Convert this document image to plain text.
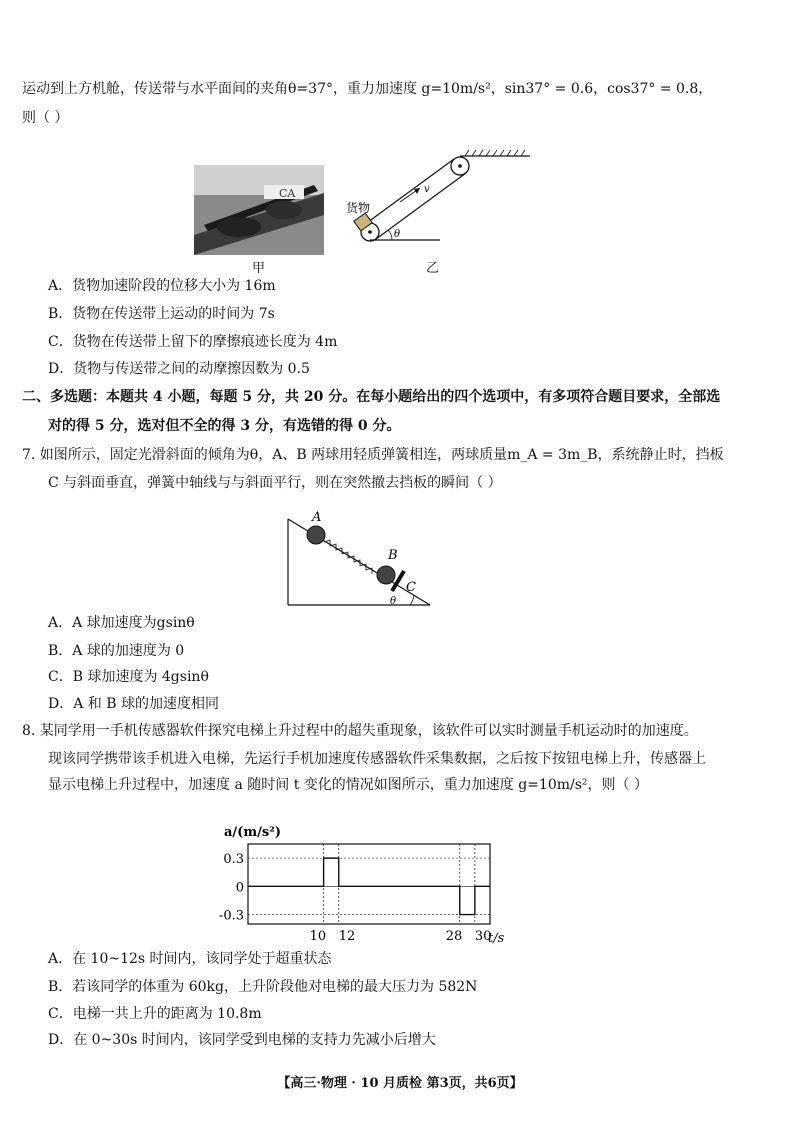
运动到上方机舱，传送带与水平面间的夹角θ=37°，重力加速度 g=10m/s²，sin37° = 0.6，cos37° = 0.8，
则（ ）
CA
甲
v
θ
货物
乙
A．货物加速阶段的位移大小为 16m
B．货物在传送带上运动的时间为 7s
C．货物在传送带上留下的摩擦痕迹长度为 4m
D．货物与传送带之间的动摩擦因数为 0.5
二、多选题：本题共 4 小题，每题 5 分，共 20 分。在每小题给出的四个选项中，有多项符合题目要求，全部选
对的得 5 分，选对但不全的得 3 分，有选错的得 0 分。
7. 如图所示，固定光滑斜面的倾角为θ，A、B 两球用轻质弹簧相连，两球质量m_A = 3m_B，系统静止时，挡板
C 与斜面垂直，弹簧中轴线与与斜面平行，则在突然撤去挡板的瞬间（ ）
A
B
C
θ
A．A 球加速度为gsinθ
B．A 球的加速度为 0
C．B 球加速度为 4gsinθ
D．A 和 B 球的加速度相同
8. 某同学用一手机传感器软件探究电梯上升过程中的超失重现象，该软件可以实时测量手机运动时的加速度。
现该同学携带该手机进入电梯，先运行手机加速度传感器软件采集数据，之后按下按钮电梯上升，传感器上
显示电梯上升过程中，加速度 a 随时间 t 变化的情况如图所示，重力加速度 g=10m/s²，则（ ）
a/(m/s²)
t/s
10 12	28 30
0.3
0
-0.3
A．在 10~12s 时间内，该同学处于超重状态
B．若该同学的体重为 60kg，上升阶段他对电梯的最大压力为 582N
C．电梯一共上升的距离为 10.8m
D．在 0~30s 时间内，该同学受到电梯的支持力先减小后增大
【高三·物理 · 10 月质检 第3页，共6页】
